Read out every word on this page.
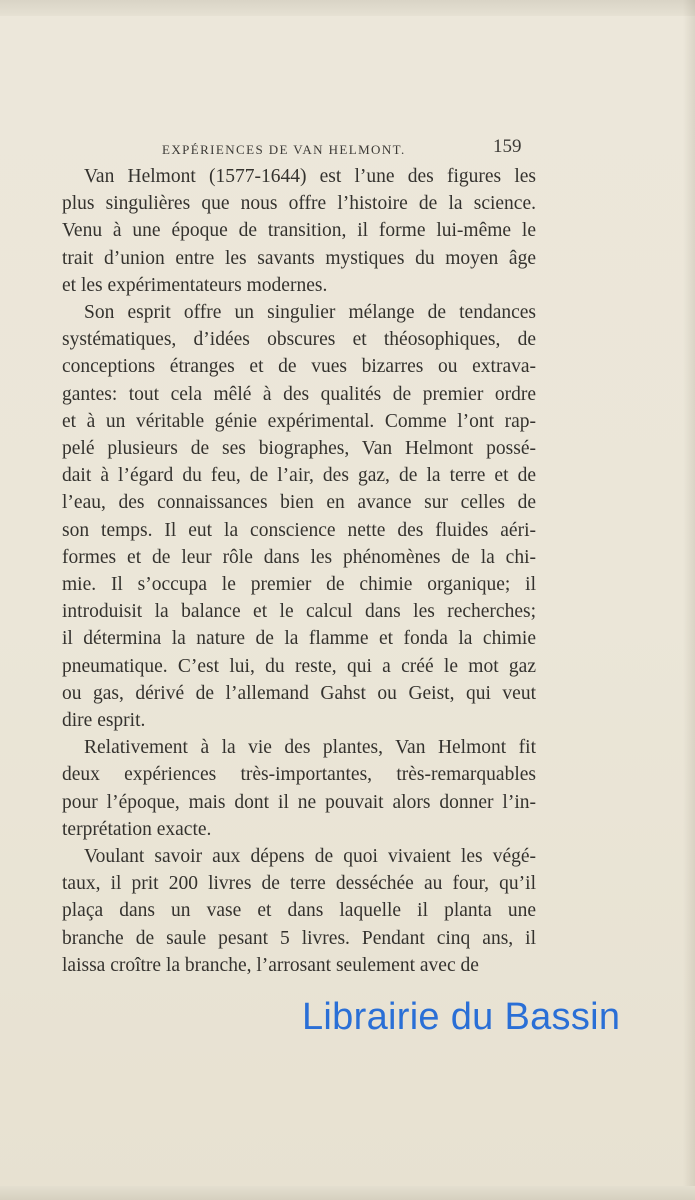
EXPÉRIENCES DE VAN HELMONT.	159

Van Helmont (1577-1644) est l’une des figures les
plus singulières que nous offre l’histoire de la science.
Venu à une époque de transition, il forme lui-même le
trait d’union entre les savants mystiques du moyen âge
et les expérimentateurs modernes.

Son esprit offre un singulier mélange de tendances
systématiques, d’idées obscures et théosophiques, de
conceptions étranges et de vues bizarres ou extrava-
gantes: tout cela mêlé à des qualités de premier ordre
et à un véritable génie expérimental. Comme l’ont rap-
pelé plusieurs de ses biographes, Van Helmont possé-
dait à l’égard du feu, de l’air, des gaz, de la terre et de
l’eau, des connaissances bien en avance sur celles de
son temps. Il eut la conscience nette des fluides aéri-
formes et de leur rôle dans les phénomènes de la chi-
mie. Il s’occupa le premier de chimie organique; il
introduisit la balance et le calcul dans les recherches;
il détermina la nature de la flamme et fonda la chimie
pneumatique. C’est lui, du reste, qui a créé le mot gaz
ou gas, dérivé de l’allemand Gahst ou Geist, qui veut
dire esprit.

Relativement à la vie des plantes, Van Helmont fit
deux expériences très-importantes, très-remarquables
pour l’époque, mais dont il ne pouvait alors donner l’in-
terprétation exacte.

Voulant savoir aux dépens de quoi vivaient les végé-
taux, il prit 200 livres de terre desséchée au four, qu’il
plaça dans un vase et dans laquelle il planta une
branche de saule pesant 5 livres. Pendant cinq ans, il
laissa croître la branche, l’arrosant seulement avec de

Librairie du Bassin
